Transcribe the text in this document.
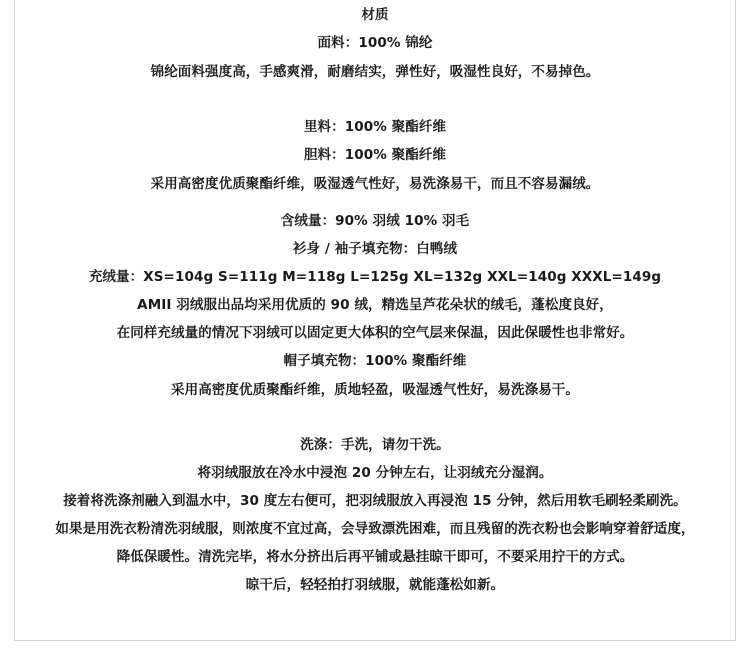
材质
面料：100% 锦纶
锦纶面料强度高，手感爽滑，耐磨结实，弹性好，吸湿性良好，不易掉色。
里料：100% 聚酯纤维
胆料：100% 聚酯纤维
采用高密度优质聚酯纤维，吸湿透气性好，易洗涤易干，而且不容易漏绒。
含绒量：90% 羽绒 10% 羽毛
衫身 / 袖子填充物：白鸭绒
充绒量：XS=104g S=111g M=118g L=125g XL=132g XXL=140g XXXL=149g
AMII 羽绒服出品均采用优质的 90 绒，精选呈芦花朵状的绒毛，蓬松度良好，
在同样充绒量的情况下羽绒可以固定更大体积的空气层来保温，因此保暖性也非常好。
帽子填充物：100% 聚酯纤维
采用高密度优质聚酯纤维，质地轻盈，吸湿透气性好，易洗涤易干。
洗涤：手洗，请勿干洗。
将羽绒服放在冷水中浸泡 20 分钟左右，让羽绒充分湿润。
接着将洗涤剂融入到温水中，30 度左右便可，把羽绒服放入再浸泡 15 分钟，然后用软毛刷轻柔刷洗。
如果是用洗衣粉清洗羽绒服，则浓度不宜过高，会导致漂洗困难，而且残留的洗衣粉也会影响穿着舒适度，
降低保暖性。清洗完毕，将水分挤出后再平铺或悬挂晾干即可，不要采用拧干的方式。
晾干后，轻轻拍打羽绒服，就能蓬松如新。
